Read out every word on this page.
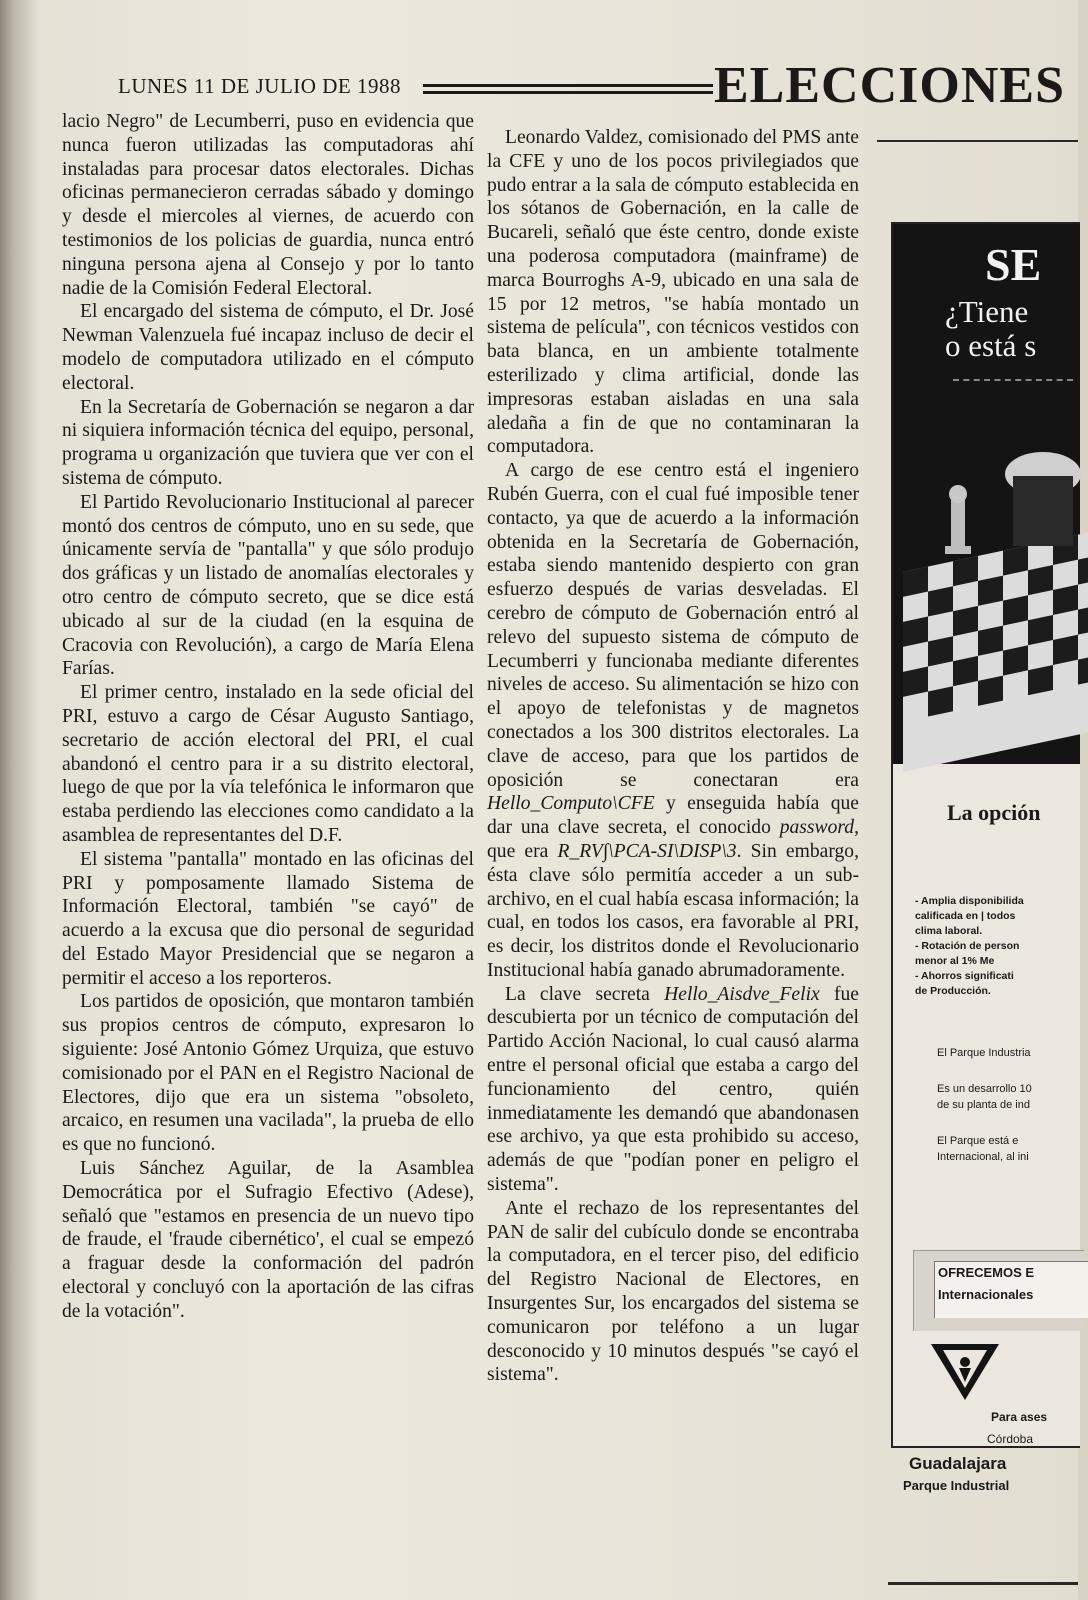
LUNES 11 DE JULIO DE 1988	ELECCIONES

lacio Negro" de Lecumberri, puso en evidencia que nunca fueron utilizadas las computadoras ahí instaladas para procesar datos electorales. Dichas oficinas permanecieron cerradas sábado y domingo y desde el miercoles al viernes, de acuerdo con testimonios de los policias de guardia, nunca entró ninguna persona ajena al Consejo y por lo tanto nadie de la Comisión Federal Electoral.

El encargado del sistema de cómputo, el Dr. José Newman Valenzuela fué incapaz incluso de decir el modelo de computadora utilizado en el cómputo electoral.

En la Secretaría de Gobernación se negaron a dar ni siquiera información técnica del equipo, personal, programa u organización que tuviera que ver con el sistema de cómputo.

El Partido Revolucionario Institucional al parecer montó dos centros de cómputo, uno en su sede, que únicamente servía de "pantalla" y que sólo produjo dos gráficas y un listado de anomalías electorales y otro centro de cómputo secreto, que se dice está ubicado al sur de la ciudad (en la esquina de Cracovia con Revolución), a cargo de María Elena Farías.

El primer centro, instalado en la sede oficial del PRI, estuvo a cargo de César Augusto Santiago, secretario de acción electoral del PRI, el cual abandonó el centro para ir a su distrito electoral, luego de que por la vía telefónica le informaron que estaba perdiendo las elecciones como candidato a la asamblea de representantes del D.F.

El sistema "pantalla" montado en las oficinas del PRI y pomposamente llamado Sistema de Información Electoral, también "se cayó" de acuerdo a la excusa que dio personal de seguridad del Estado Mayor Presidencial que se negaron a permitir el acceso a los reporteros.

Los partidos de oposición, que montaron también sus propios centros de cómputo, expresaron lo siguiente: José Antonio Gómez Urquiza, que estuvo comisionado por el PAN en el Registro Nacional de Electores, dijo que era un sistema "obsoleto, arcaico, en resumen una vacilada", la prueba de ello es que no funcionó.

Luis Sánchez Aguilar, de la Asamblea Democrática por el Sufragio Efectivo (Adese), señaló que "estamos en presencia de un nuevo tipo de fraude, el 'fraude cibernético', el cual se empezó a fraguar desde la conformación del padrón electoral y concluyó con la aportación de las cifras de la votación".

Leonardo Valdez, comisionado del PMS ante la CFE y uno de los pocos privilegiados que pudo entrar a la sala de cómputo establecida en los sótanos de Gobernación, en la calle de Bucareli, señaló que éste centro, donde existe una poderosa computadora (mainframe) de marca Bourroghs A-9, ubicado en una sala de 15 por 12 metros, "se había montado un sistema de película", con técnicos vestidos con bata blanca, en un ambiente totalmente esterilizado y clima artificial, donde las impresoras estaban aisladas en una sala aledaña a fin de que no contaminaran la computadora.

A cargo de ese centro está el ingeniero Rubén Guerra, con el cual fué imposible tener contacto, ya que de acuerdo a la información obtenida en la Secretaría de Gobernación, estaba siendo mantenido despierto con gran esfuerzo después de varias desveladas. El cerebro de cómputo de Gobernación entró al relevo del supuesto sistema de cómputo de Lecumberri y funcionaba mediante diferentes niveles de acceso. Su alimentación se hizo con el apoyo de telefonistas y de magnetos conectados a los 300 distritos electorales. La clave de acceso, para que los partidos de oposición se conectaran era Hello_Computo\CFE y enseguida había que dar una clave secreta, el conocido password, que era R_RV∫\PCA-SI\DISP\3. Sin embargo, ésta clave sólo permitía acceder a un sub-archivo, en el cual había escasa información; la cual, en todos los casos, era favorable al PRI, es decir, los distritos donde el Revolucionario Institucional había ganado abrumadoramente.

La clave secreta Hello_Aisdve_Felix fue descubierta por un técnico de computación del Partido Acción Nacional, lo cual causó alarma entre el personal oficial que estaba a cargo del funcionamiento del centro, quién inmediatamente les demandó que abandonasen ese archivo, ya que esta prohibido su acceso, además de que "podían poner en peligro el sistema".

Ante el rechazo de los representantes del PAN de salir del cubículo donde se encontraba la computadora, en el tercer piso, del edificio del Registro Nacional de Electores, en Insurgentes Sur, los encargados del sistema se comunicaron por teléfono a un lugar desconocido y 10 minutos después "se cayó el sistema".

SE
¿Tiene
o está s
La opción
- Amplia disponibilida
calificada en | todos
clima laboral.
- Rotación de person
menor al 1% Me
- Ahorros significati
de Producción.
El Parque Industria
Es un desarrollo 10
de su planta de ind
El Parque está e
Internacional, al ini
OFRECEMOS E
Internacionales
Para ases
Córdoba
Guadalajara
Parque Industrial
